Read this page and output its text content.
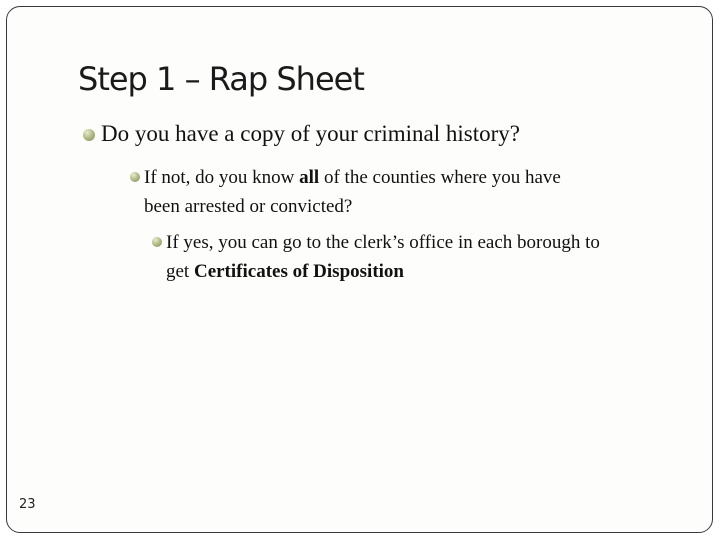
Step 1 – Rap Sheet
Do you have a copy of your criminal history?
If not, do you know all of the counties where you have
been arrested or convicted?
If yes, you can go to the clerk’s office in each borough to
get Certificates of Disposition
23
